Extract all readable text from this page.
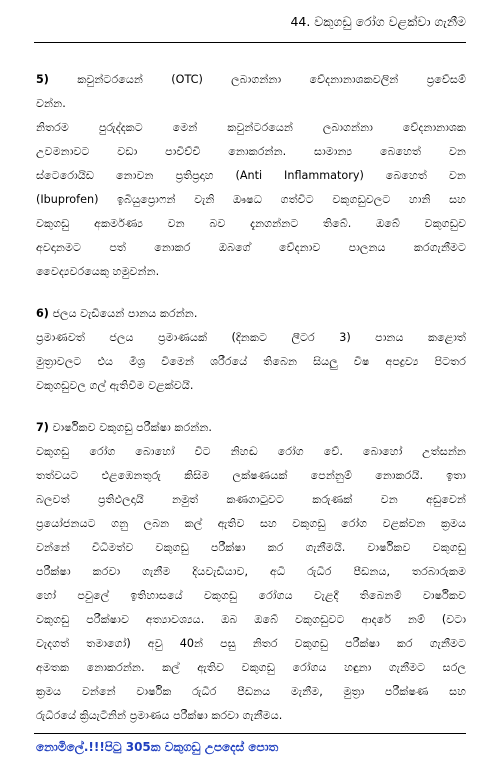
44. වකුගඩු රෝග වළක්වා ගැනීම
5)	කවුන්ටරයෙන් (OTC) ලබාගන්නා වේදනානාශකවලින් ප්‍රවේසම්
වන්න.
නිතරම පුරුද්දකට මෙන් කවුන්ටරයෙන් ලබාගන්නා වේදනානාශක
උවමනාවට වඩා පාවිච්චි නොකරන්න. සාමාන්‍ය බෙහෙත් වන
ස්ටෙරොයිඩ නොවන ප්‍රතිප්‍රදාහ (Anti Inflammatory) බෙහෙත් වන
(Ibuprofen) ඉබියුප්‍රොෆන් වැනි ඖෂධ ගත්විට වකුගඩුවලට හානි සහ
වකුගඩු අකර්මණ්‍ය වන බව දැනගන්නට තිබේ. ඔබේ වකුගඩුව
අවදානමට පත් නොකර ඔබගේ වේදනාව පාලනය කරගැනීමට
වෛද්‍යවරයෙකු හමුවන්න.
6) ජලය වැඩියෙන් පානය කරන්න.
ප්‍රමාණවත් ජලය ප්‍රමාණයක් (දිනකට ලීටර 3) පානය කළොත්
මුත්‍රාවලට එය මිශ්‍ර වීමෙන් ශරීරයේ තිබෙන සියලු විෂ අපද්‍රව්‍ය පිටතර
වකුගඩුවල ගල් ඇතිවීම වළක්වයි.
7) වාර්ෂිකව වකුගඩු පරීක්ෂා කරන්න.
වකුගඩු රෝග බොහෝ විට නිහඬ රෝග වේ. බොහෝ උත්සන්න
තත්වයට එළඹෙනතුරු කිසිම ලක්ෂණයක් පෙන්නුම් නොකරයි. ඉතා
බලවත් ප්‍රතිඵලදායි නමුත් කණගාටුවට කරුණක් වන අඩුවෙන්
ප්‍රයෝජනයට ගනු ලබන කල් ඇතිව සහ වකුගඩු රෝග වළක්වන ක්‍රමය
වන්නේ විධිමත්ව වකුගඩු පරීක්ෂා කර ගැනීමයි. වාර්ෂිකව වකුගඩු
පරීක්ෂා කරවා ගැනීම දියවැඩියාව, අධි රුධිර පීඩනය, තරබාරුකම
හෝ පවුලේ ඉතිහාසයේ වකුගඩු රෝගය වැළදී තිබෙනම් වාර්ෂිකව
වකුගඩු පරීක්ෂාව අත්‍යාවශ්‍යය. ඔබ ඔබේ වකුගඩුවට ආදරේ නම් (වටා
වැදගත් තමාගෝ) අවු 40න් පසු නිතර වකුගඩු පරීක්ෂා කර ගැනීමට
අමතක නොකරන්න. කල් ඇතිව වකුගඩු රෝගය හඳුනා ගැනීමට සරල
ක්‍රමය වන්නේ වාර්ෂික රුධිර පීඩනය මැනීම, මුත්‍රා පරීක්ෂණ සහ
රුධිරයේ ක්‍රියැටිනින් ප්‍රමාණය පරීක්ෂා කරවා ගැනීමය.
නොමිලේ.!!!පිටු 305ක වකුගඩු උපදෙස් පොත
